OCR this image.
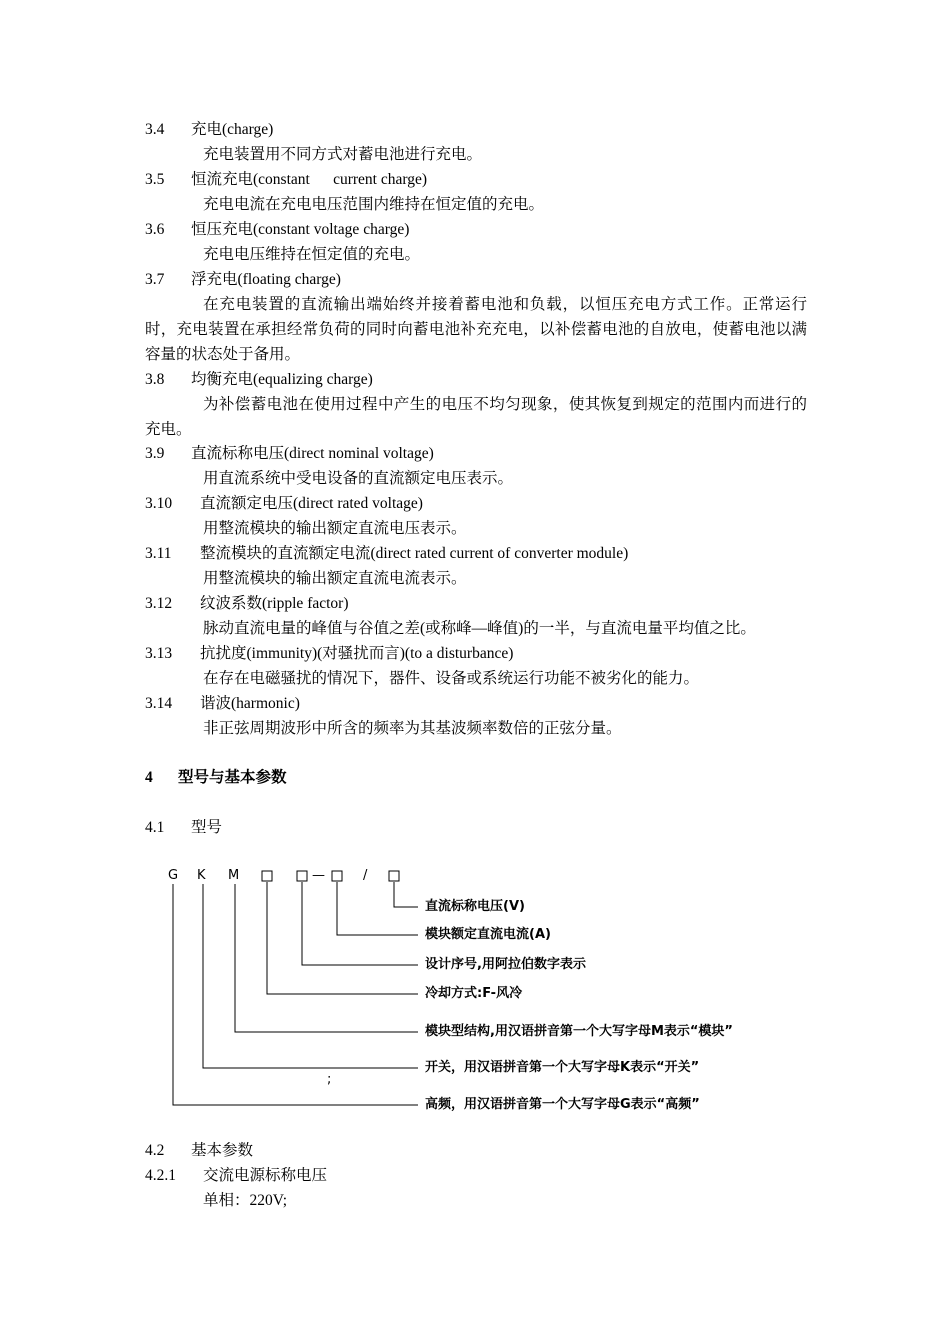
3.4 充电(charge)
充电装置用不同方式对蓄电池进行充电。
3.5 恒流充电(constant      current charge)
充电电流在充电电压范围内维持在恒定值的充电。
3.6 恒压充电(constant voltage charge)
充电电压维持在恒定值的充电。
3.7 浮充电(floating charge)
在充电装置的直流输出端始终并接着蓄电池和负载，以恒压充电方式工作。正常运行时，充电装置在承担经常负荷的同时向蓄电池补充充电，以补偿蓄电池的自放电，使蓄电池以满容量的状态处于备用。
3.8 均衡充电(equalizing charge)
为补偿蓄电池在使用过程中产生的电压不均匀现象，使其恢复到规定的范围内而进行的充电。
3.9 直流标称电压(direct nominal voltage)
用直流系统中受电设备的直流额定电压表示。
3.10 直流额定电压(direct rated voltage)
用整流模块的输出额定直流电压表示。
3.11 整流模块的直流额定电流(direct rated current of converter module)
用整流模块的输出额定直流电流表示。
3.12 纹波系数(ripple factor)
脉动直流电量的峰值与谷值之差(或称峰—峰值)的一半，与直流电量平均值之比。
3.13 抗扰度(immunity)(对骚扰而言)(to a disturbance)
在存在电磁骚扰的情况下，器件、设备或系统运行功能不被劣化的能力。
3.14 谐波(harmonic)
非正弦周期波形中所含的频率为其基波频率数倍的正弦分量。
4 型号与基本参数
4.1 型号
G K M	—	/
;
直流标称电压(V)
模块额定直流电流(A)
设计序号,用阿拉伯数字表示
冷却方式:F-风冷
模块型结构,用汉语拼音第一个大写字母M表示“模块”
开关，用汉语拼音第一个大写字母K表示“开关”
高频，用汉语拼音第一个大写字母G表示“高频”
4.2 基本参数
4.2.1 交流电源标称电压
单相：220V;
